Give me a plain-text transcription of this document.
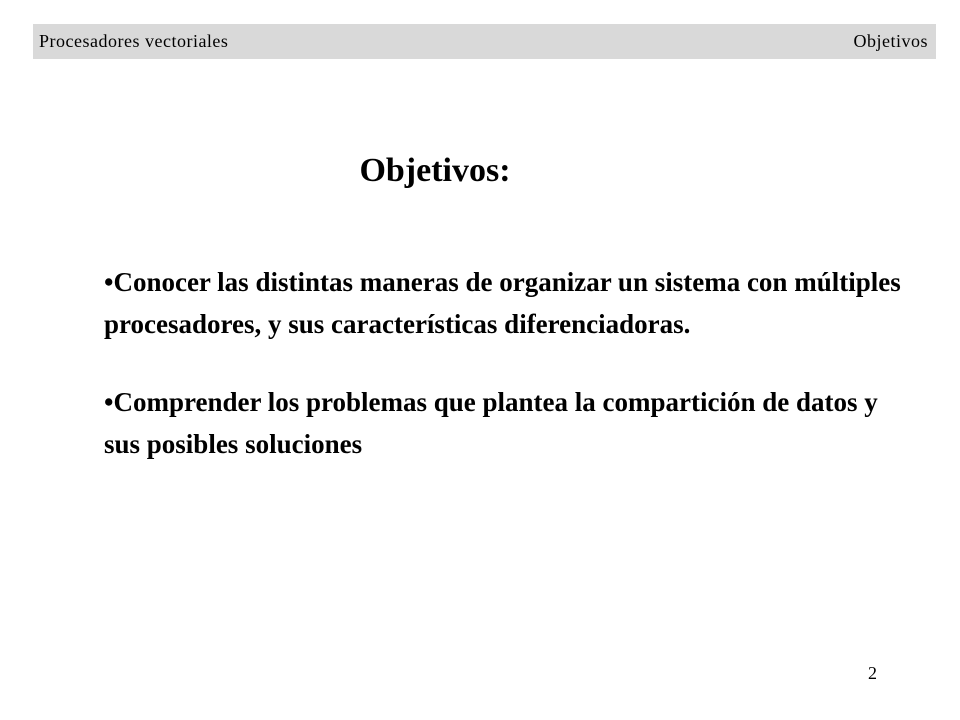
Procesadores vectoriales	Objetivos
Objetivos:
•Conocer las distintas maneras de organizar un sistema con múltiples procesadores, y sus características diferenciadoras.
•Comprender los problemas que plantea la compartición de datos y sus posibles soluciones
2
